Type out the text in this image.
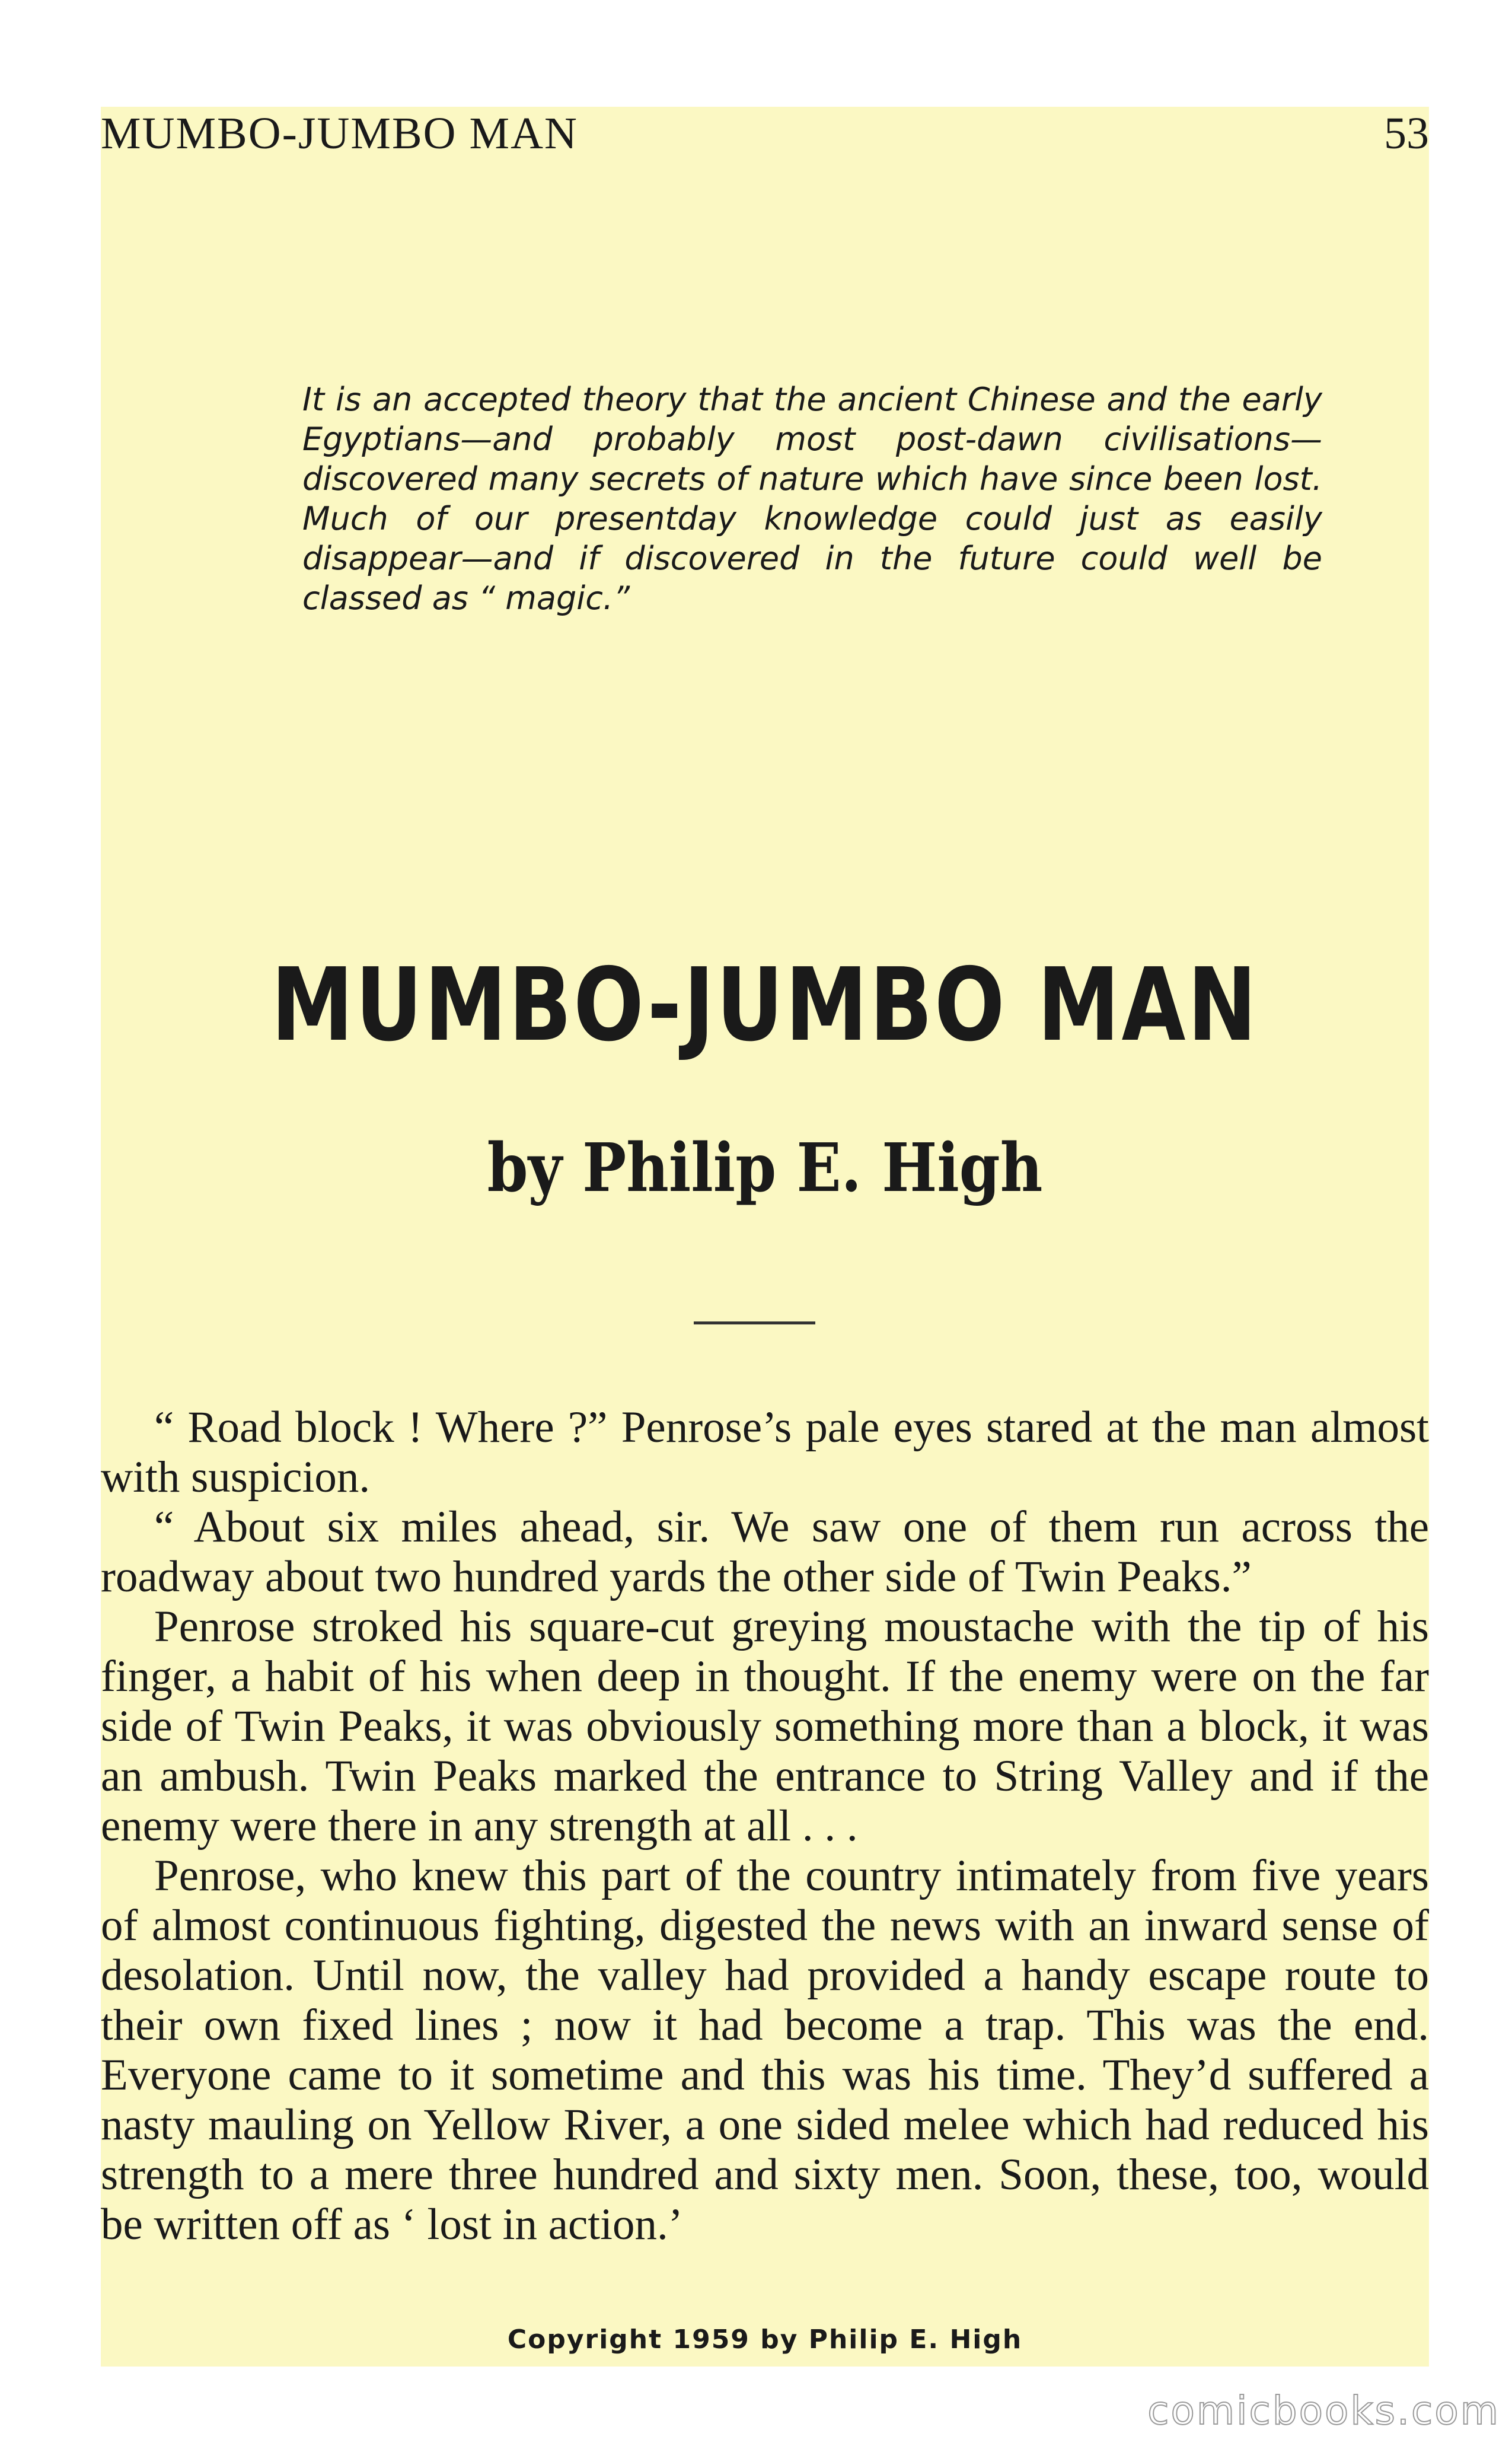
MUMBO-JUMBO MAN	53
It is an accepted theory that the ancient Chinese and the early Egyptians—and probably most post-dawn civilisations—discovered many secrets of nature which have since been lost. Much of our presentday knowledge could just as easily disappear—and if discovered in the future could well be classed as “ magic.”
MUMBO-JUMBO MAN
by Philip E. High

“ Road block ! Where ?” Penrose’s pale eyes stared at the man almost with suspicion.

“ About six miles ahead, sir. We saw one of them run across the roadway about two hundred yards the other side of Twin Peaks.”

Penrose stroked his square-cut greying moustache with the tip of his finger, a habit of his when deep in thought. If the enemy were on the far side of Twin Peaks, it was obviously something more than a block, it was an ambush. Twin Peaks marked the entrance to String Valley and if the enemy were there in any strength at all . . .

Penrose, who knew this part of the country intimately from five years of almost continuous fighting, digested the news with an inward sense of desolation. Until now, the valley had provided a handy escape route to their own fixed lines ; now it had become a trap. This was the end. Everyone came to it sometime and this was his time. They’d suffered a nasty mauling on Yellow River, a one sided melee which had reduced his strength to a mere three hundred and sixty men. Soon, these, too, would be written off as ‘ lost in action.’

Copyright 1959 by Philip E. High
comicbooks.com
